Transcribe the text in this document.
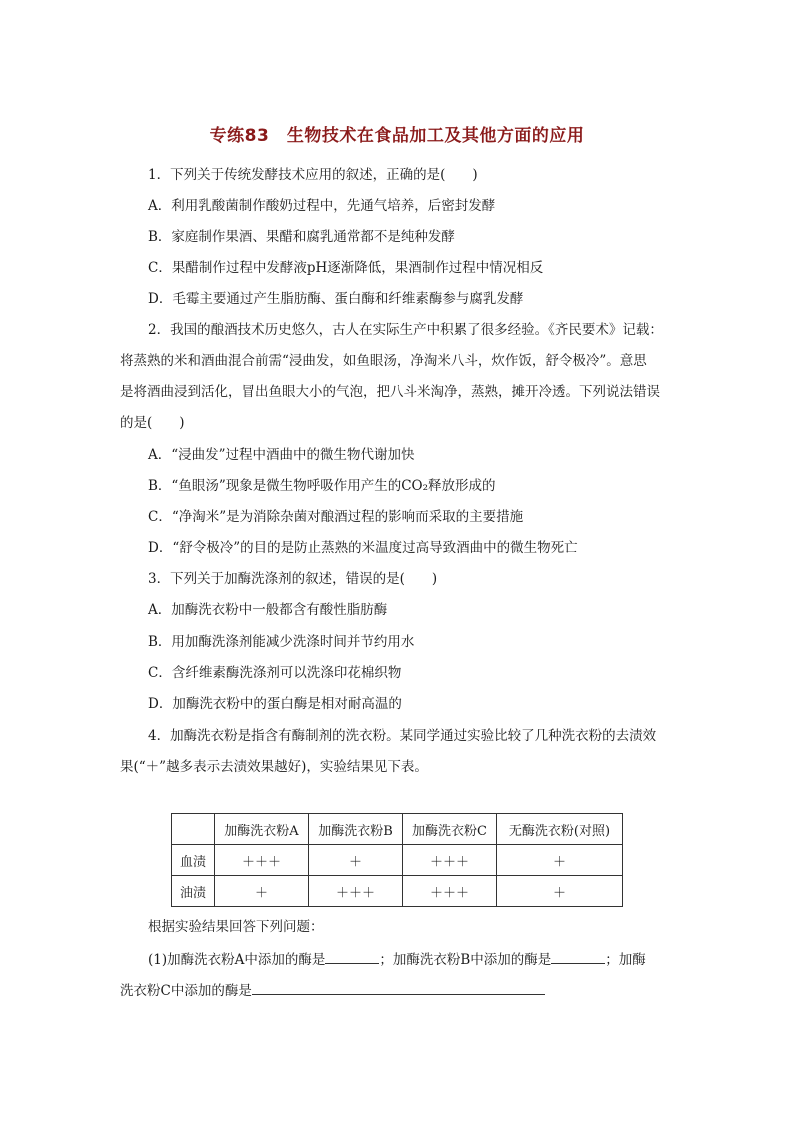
专练83　生物技术在食品加工及其他方面的应用
1．下列关于传统发酵技术应用的叙述，正确的是(　　)
A．利用乳酸菌制作酸奶过程中，先通气培养，后密封发酵
B．家庭制作果酒、果醋和腐乳通常都不是纯种发酵
C．果醋制作过程中发酵液pH逐渐降低，果酒制作过程中情况相反
D．毛霉主要通过产生脂肪酶、蛋白酶和纤维素酶参与腐乳发酵
2．我国的酿酒技术历史悠久，古人在实际生产中积累了很多经验。《齐民要术》记载：
将蒸熟的米和酒曲混合前需“浸曲发，如鱼眼汤，净淘米八斗，炊作饭，舒令极冷”。意思
是将酒曲浸到活化，冒出鱼眼大小的气泡，把八斗米淘净，蒸熟，摊开冷透。下列说法错误
的是(　　)
A．“浸曲发”过程中酒曲中的微生物代谢加快
B．“鱼眼汤”现象是微生物呼吸作用产生的CO₂释放形成的
C．“净淘米”是为消除杂菌对酿酒过程的影响而采取的主要措施
D．“舒令极冷”的目的是防止蒸熟的米温度过高导致酒曲中的微生物死亡
3．下列关于加酶洗涤剂的叙述，错误的是(　　)
A．加酶洗衣粉中一般都含有酸性脂肪酶
B．用加酶洗涤剂能减少洗涤时间并节约用水
C．含纤维素酶洗涤剂可以洗涤印花棉织物
D．加酶洗衣粉中的蛋白酶是相对耐高温的
4．加酶洗衣粉是指含有酶制剂的洗衣粉。某同学通过实验比较了几种洗衣粉的去渍效
果(“＋”越多表示去渍效果越好)，实验结果见下表。
	加酶洗衣粉A	加酶洗衣粉B	加酶洗衣粉C	无酶洗衣粉(对照)
血渍	＋＋＋	＋	＋＋＋	＋
油渍	＋	＋＋＋	＋＋＋	＋
根据实验结果回答下列问题：
(1)加酶洗衣粉A中添加的酶是	；加酶洗衣粉B中添加的酶是	；加酶
洗衣粉C中添加的酶是
